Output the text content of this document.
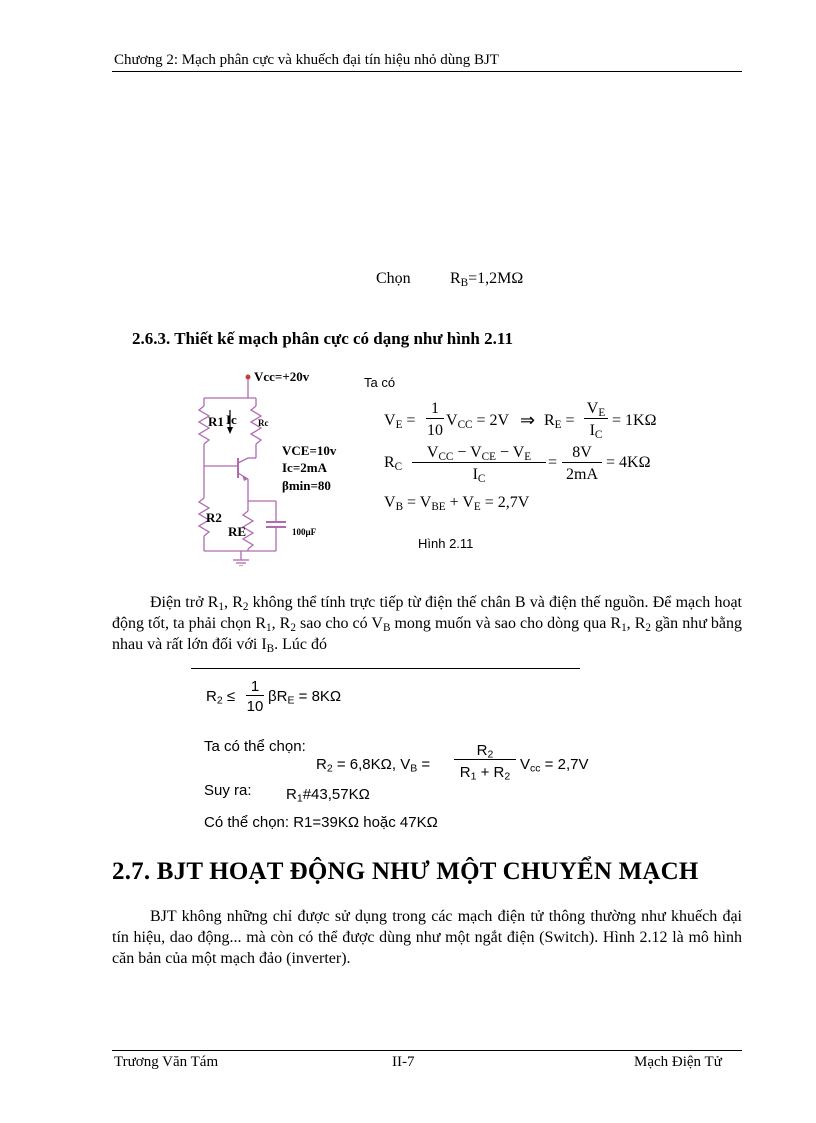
Chương 2: Mạch phân cực và khuếch đại tín hiệu nhỏ dùng BJT
Chọn $R_B=1,2M\Omega$
2.6.3. Thiết kế mạch phân cực có dạng như hình 2.11
Vcc=+20v
Ic
R1	Rc
VCE=10v
Ic=2mA
βmin=80
R2
RE	100μF
Ta có
$V_E$ =
1
10
$V_{CC} = 2V$ ⇒ $R_E$ =
$V_E$
$I_C$
= 1KΩ
$R_C$
$V_{CC} - V_{CE} - V_E$
$I_C$
=
8V
2mA
= 4KΩ
$V_B = V_{BE} + V_E = 2,7V$
Hình 2.11

Điện trở $R_1$, $R_2$ không thể tính trực tiếp từ điện thế chân B và điện thế nguồn. Để mạch hoạt động tốt, ta phải chọn $R_1$, $R_2$ sao cho có $V_B$ mong muốn và sao cho dòng qua $R_1$, $R_2$ gần như bằng nhau và rất lớn đối với $I_B$. Lúc đó

$R_2$ ≤
1
10
$\beta R_E = 8K\Omega$
Ta có thể chọn:
$R_2 = 6,8K\Omega$, $V_B$ =
$R_2$
$R_1 + R_2$
$V_{cc} = 2,7V$
Suy ra: $R_1\#43,57K\Omega$
Có thể chọn: R1=39KΩ hoặc 47KΩ
2.7. BJT HOẠT ĐỘNG NHƯ MỘT CHUYỂN MẠCH

BJT không những chỉ được sử dụng trong các mạch điện tử thông thường như khuếch đại tín hiệu, dao động... mà còn có thể được dùng như một ngắt điện (Switch). Hình 2.12 là mô hình căn bản của một mạch đảo (inverter).

Trương Văn Tám	II-7	Mạch Điện Tử
